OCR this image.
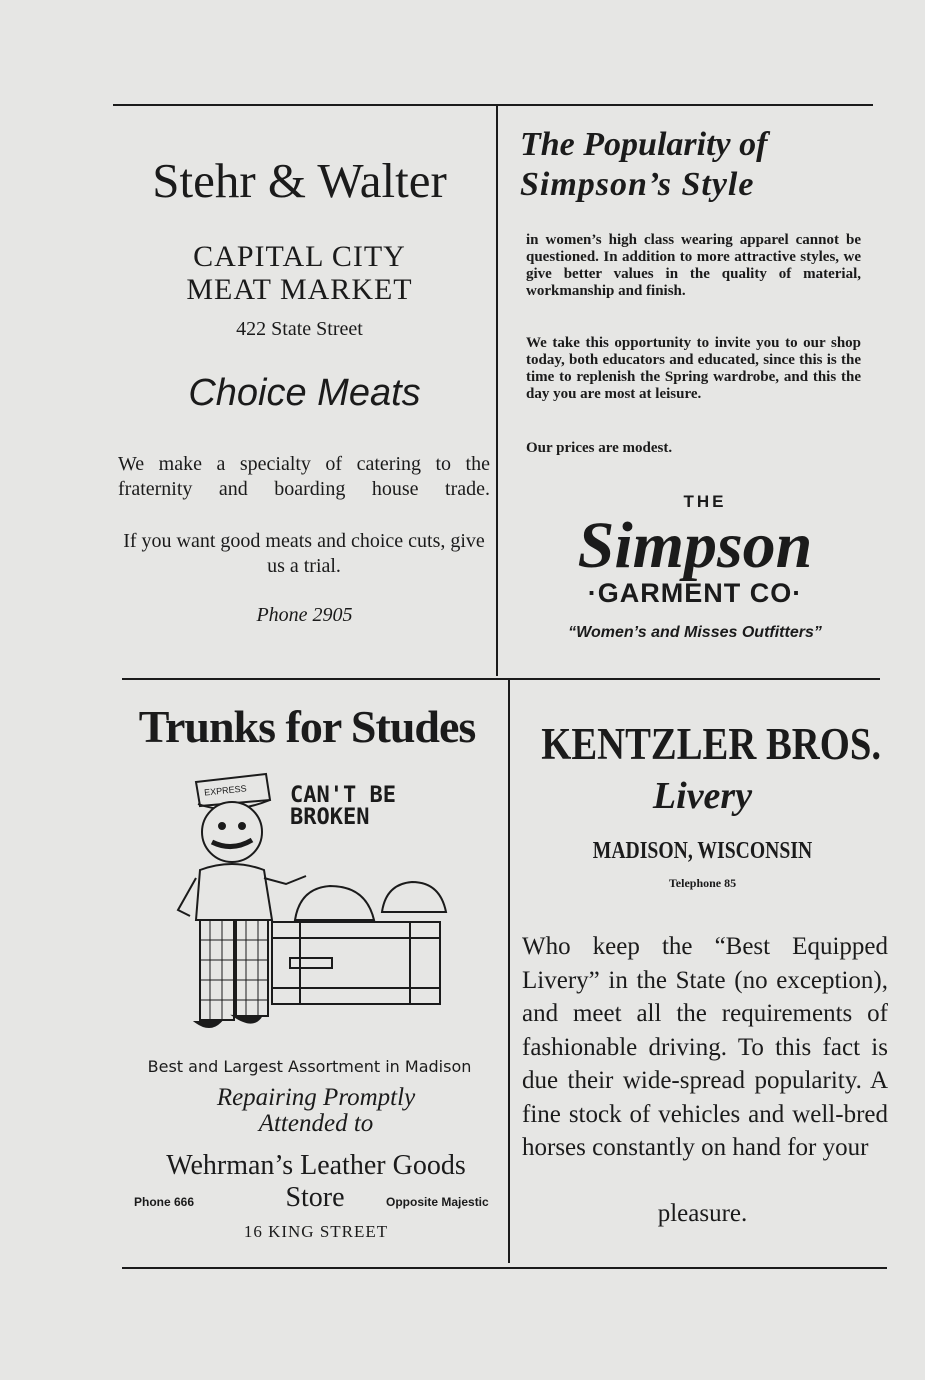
Stehr & Walter
CAPITAL CITY
MEAT MARKET
422 State Street
Choice Meats
We make a specialty of catering to the fraternity and boarding house trade.
If you want good meats and choice cuts, give us a trial.
Phone 2905
The Popularity of
Simpson’s Style
in women’s high class wearing apparel cannot be questioned. In addition to more attractive styles, we give better values in the quality of material, workmanship and finish.
We take this opportunity to invite you to our shop today, both educators and educated, since this is the time to replenish the Spring wardrobe, and this the day you are most at leisure.
Our prices are modest.
THE
Simpson
·GARMENT CO·
“Women’s and Misses Outfitters”
Trunks for Studes
EXPRESS CAN'T BE BROKEN
Best and Largest Assortment in Madison
Repairing Promptly
Attended to
Wehrman’s Leather Goods
Phone 666	Store	Opposite Majestic
16 KING STREET
KENTZLER BROS.
Livery
MADISON, WISCONSIN
Telephone 85
Who keep the “Best Equipped Livery” in the State (no exception), and meet all the requirements of fashionable driving. To this fact is due their wide-spread popularity. A fine stock of vehicles and well-bred horses constantly on hand for your
pleasure.
